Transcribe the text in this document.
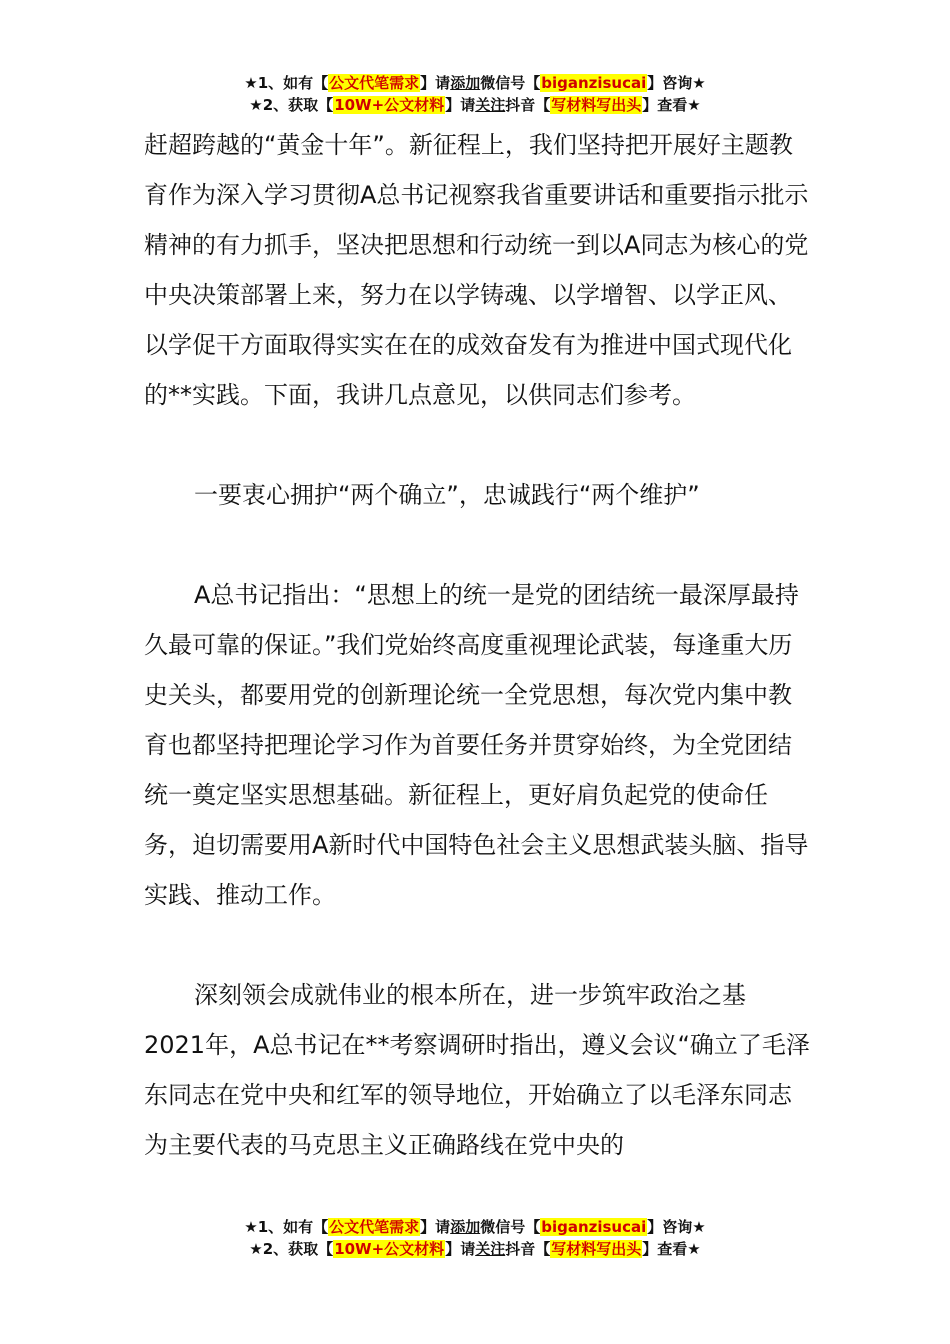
★1、如有【公文代笔需求】请添加微信号【biganzisucai】咨询★
★2、获取【10W+公文材料】请关注抖音【写材料写出头】查看★

赶超跨越的“黄金十年”。新征程上，我们坚持把开展好主题教育作为深入学习贯彻A总书记视察我省重要讲话和重要指示批示精神的有力抓手，坚决把思想和行动统一到以A同志为核心的党中央决策部署上来，努力在以学铸魂、以学增智、以学正风、以学促干方面取得实实在在的成效奋发有为推进中国式现代化的**实践。下面，我讲几点意见，以供同志们参考。

一要衷心拥护“两个确立”，忠诚践行“两个维护”

A总书记指出：“思想上的统一是党的团结统一最深厚最持久最可靠的保证。”我们党始终高度重视理论武装，每逢重大历史关头，都要用党的创新理论统一全党思想，每次党内集中教育也都坚持把理论学习作为首要任务并贯穿始终，为全党团结统一奠定坚实思想基础。新征程上，更好肩负起党的使命任务，迫切需要用A新时代中国特色社会主义思想武装头脑、指导实践、推动工作。

深刻领会成就伟业的根本所在，进一步筑牢政治之基

2021年，A总书记在**考察调研时指出，遵义会议“确立了毛泽东同志在党中央和红军的领导地位，开始确立了以毛泽东同志为主要代表的马克思主义正确路线在党中央的

★1、如有【公文代笔需求】请添加微信号【biganzisucai】咨询★
★2、获取【10W+公文材料】请关注抖音【写材料写出头】查看★
